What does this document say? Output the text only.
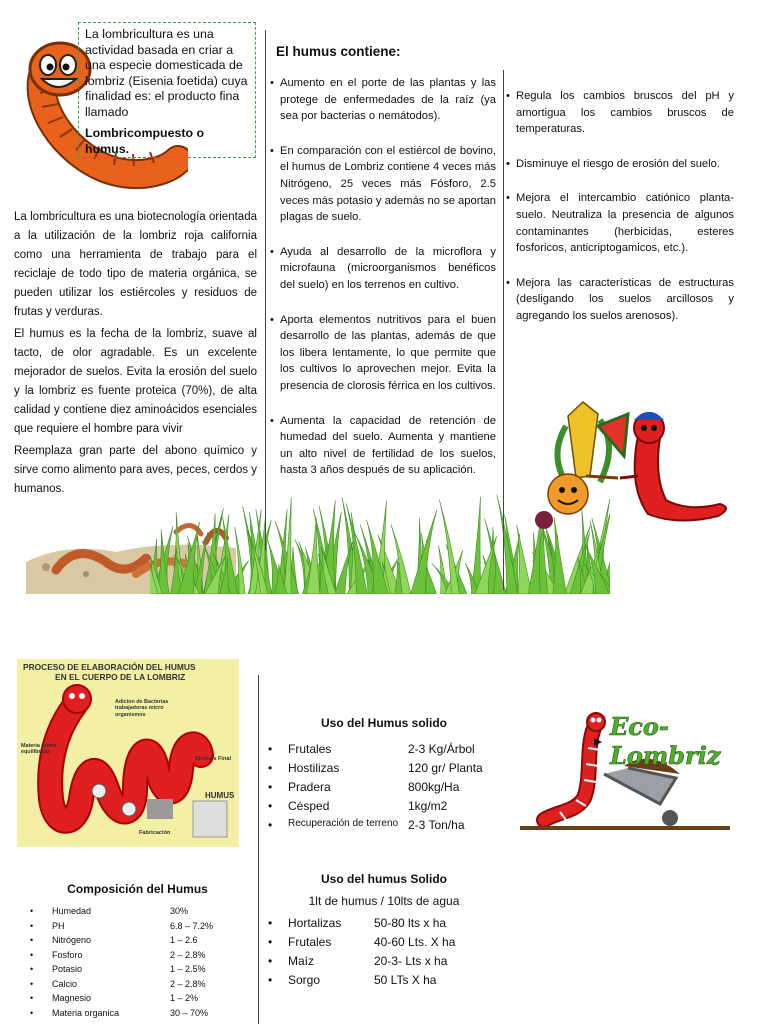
La lombricultura es una actividad basada en criar a una especie domesticada de lombriz (Eisenia foetida) cuya finalidad es: el producto fina llamado

Lombricompuesto o humus.

La lombricultura es una biotecnología orientada a la utilización de la lombriz roja california como una herramienta de trabajo para el reciclaje de todo tipo de materia orgánica, se pueden utilizar los estiércoles y residuos de frutas y verduras.

El humus es la fecha de la lombriz, suave al tacto, de olor agradable. Es un excelente mejorador de suelos. Evita la erosión del suelo y la lombriz es fuente proteica (70%), de alta calidad y contiene diez aminoácidos esenciales que requiere el hombre para vivir

Reemplaza gran parte del abono químico y sirve como alimento para aves, peces, cerdos y humanos.

El humus contiene:
• Aumento en el porte de las plantas y las protege de enfermedades de la raíz (ya sea por bacterias o nemátodos).
• En comparación con el estiércol de bovino, el humus de Lombriz contiene 4 veces más Nitrógeno, 25 veces más Fósforo, 2.5 veces más potasio y además no se aportan plagas de suelo.
• Ayuda al desarrollo de la microflora y microfauna (microorganismos benéficos del suelo) en los terrenos en cultivo.
• Aporta elementos nutritivos para el buen desarrollo de las plantas, además de que los libera lentamente, lo que permite que los cultivos lo aprovechen mejor. Evita la presencia de clorosis férrica en los cultivos.
• Aumenta la capacidad de retención de humedad del suelo. Aumenta y mantiene un alto nivel de fertilidad de los suelos, hasta 3 años después de su aplicación.
• Regula los cambios bruscos del pH y amortigua los cambios bruscos de temperaturas.
• Disminuye el riesgo de erosión del suelo.
• Mejora el intercambio catiónico planta-suelo. Neutraliza la presencia de algunos contaminantes (herbicidas, esteres fosforicos, anticriptogamicos, etc.).
• Mejora las características de estructuras (desligando los suelos arcillosos y agregando los suelos arenosos).
PROCESO DE ELABORACIÓN DEL HUMUS
EN EL CUERPO DE LA LOMBRIZ
Adición de Bacterias trabajadoras micro organismos
Materia prima equilibrada
Síntesis Final
HUMUS
Fabricación
Composición del Humus
•	Humedad	30%
•	PH	6.8 – 7.2%
•	Nitrógeno	1 – 2.6
•	Fosforo	2 – 2.8%
•	Potasio	1 – 2.5%
•	Calcio	2 – 2.8%
•	Magnesio	1 – 2%
•	Materia organica	30 – 70%
Uso del Humus solido
•	Frutales	2-3 Kg/Árbol
•	Hostilizas	120 gr/ Planta
•	Pradera	800kg/Ha
•	Césped	1kg/m2
•	Recuperación de terreno	2-3 Ton/ha
Uso del humus Solido
1lt de humus / 10lts de agua
•	Hortalizas	50-80 lts x ha
•	Frutales	40-60 Lts. X ha
•	Maíz	20-3- Lts x ha
•	Sorgo	50 LTs X ha
Eco-Lombriz
